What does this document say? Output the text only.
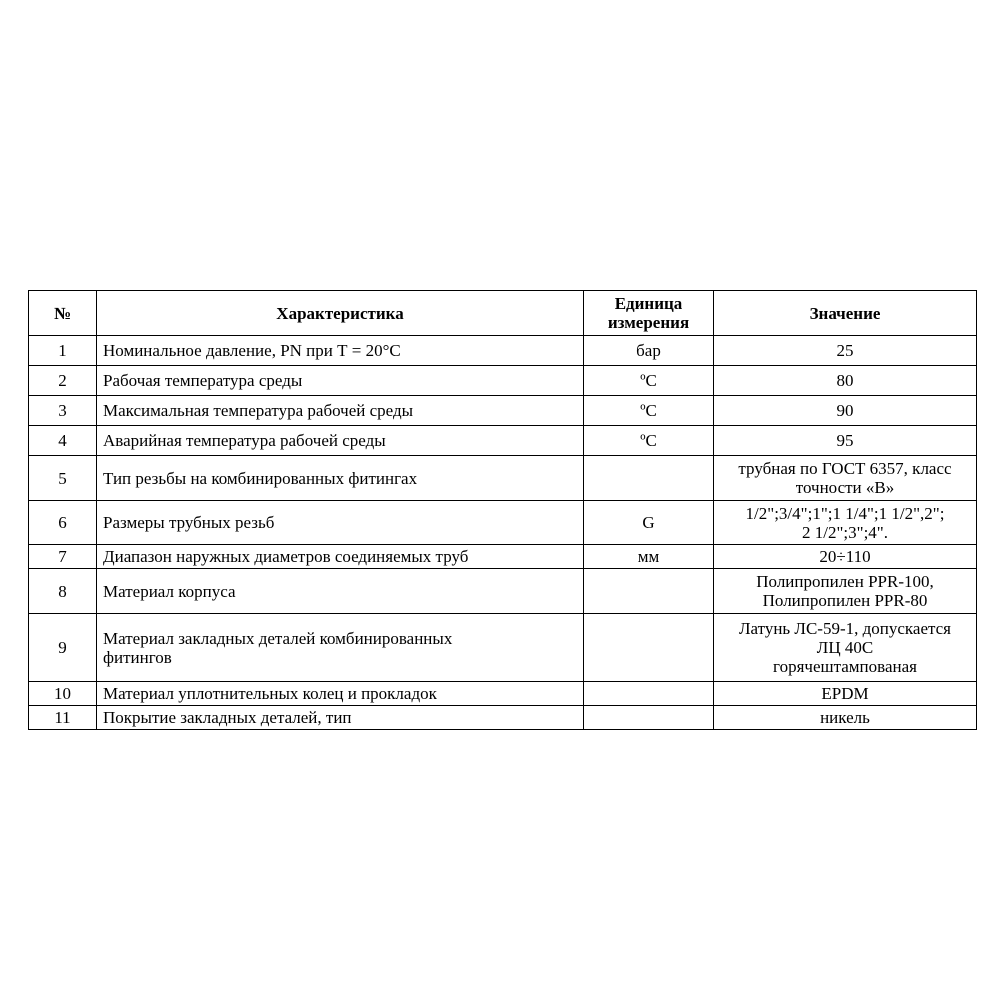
№	Характеристика	Единица
измерения	Значение
1	Номинальное давление, PN при Т = 20°С	бар	25

2	Рабочая температура среды	ºС	80

3	Максимальная температура рабочей среды	ºС	90

4	Аварийная температура рабочей среды	ºС	95

5	Тип резьбы на комбинированных фитингах		трубная по ГОСТ 6357, класс
точности «В»

6	Размеры трубных резьб	G	1/2";3/4";1";1 1/4";1 1/2",2";
2 1/2";3";4".

7	Диапазон наружных диаметров соединяемых труб	мм	20÷110

8	Материал корпуса		Полипропилен PPR-100,
Полипропилен PPR-80

9	Материал закладных деталей комбинированных
фитингов		Латунь ЛС-59-1, допускается
ЛЦ 40С
горячештампованая

10	Материал уплотнительных колец и прокладок		EPDM

11	Покрытие закладных деталей, тип		никель
